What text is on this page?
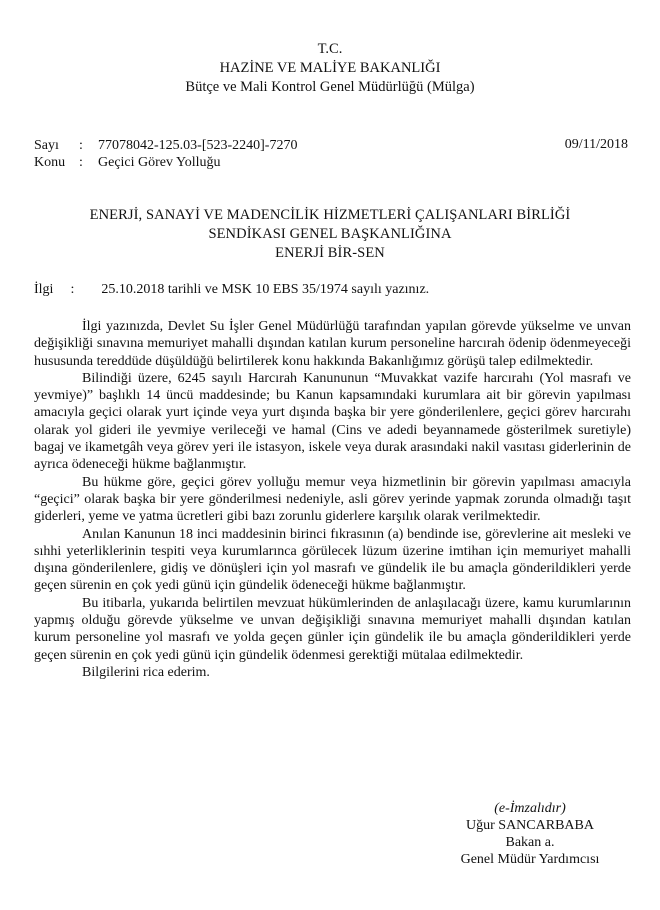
T.C.
HAZİNE VE MALİYE BAKANLIĞI
Bütçe ve Mali Kontrol Genel Müdürlüğü (Mülga)
Sayı : 77078042-125.03-[523-2240]-7270
Konu : Geçici Görev Yolluğu
09/11/2018
ENERJİ, SANAYİ VE MADENCİLİK HİZMETLERİ ÇALIŞANLARI BİRLİĞİ
SENDİKASI GENEL BAŞKANLIĞINA
ENERJİ BİR-SEN
İlgi : 25.10.2018 tarihli ve MSK 10 EBS 35/1974 sayılı yazınız.

İlgi yazınızda, Devlet Su İşler Genel Müdürlüğü tarafından yapılan görevde yükselme ve unvan değişikliği sınavına memuriyet mahalli dışından katılan kurum personeline harcırah ödenip ödenmeyeceği hususunda tereddüde düşüldüğü belirtilerek konu hakkında Bakanlığımız görüşü talep edilmektedir.

Bilindiği üzere, 6245 sayılı Harcırah Kanununun “Muvakkat vazife harcırahı (Yol masrafı ve yevmiye)” başlıklı 14 üncü maddesinde; bu Kanun kapsamındaki kurumlara ait bir görevin yapılması amacıyla geçici olarak yurt içinde veya yurt dışında başka bir yere gönderilenlere, geçici görev harcırahı olarak yol gideri ile yevmiye verileceği ve hamal (Cins ve adedi beyannamede gösterilmek suretiyle) bagaj ve ikametgâh veya görev yeri ile istasyon, iskele veya durak arasındaki nakil vasıtası giderlerinin de ayrıca ödeneceği hükme bağlanmıştır.

Bu hükme göre, geçici görev yolluğu memur veya hizmetlinin bir görevin yapılması amacıyla “geçici” olarak başka bir yere gönderilmesi nedeniyle, asli görev yerinde yapmak zorunda olmadığı taşıt giderleri, yeme ve yatma ücretleri gibi bazı zorunlu giderlere karşılık olarak verilmektedir.

Anılan Kanunun 18 inci maddesinin birinci fıkrasının (a) bendinde ise, görevlerine ait mesleki ve sıhhi yeterliklerinin tespiti veya kurumlarınca görülecek lüzum üzerine imtihan için memuriyet mahalli dışına gönderilenlere, gidiş ve dönüşleri için yol masrafı ve gündelik ile bu amaçla gönderildikleri yerde geçen sürenin en çok yedi günü için gündelik ödeneceği hükme bağlanmıştır.

Bu itibarla, yukarıda belirtilen mevzuat hükümlerinden de anlaşılacağı üzere, kamu kurumlarının yapmış olduğu görevde yükselme ve unvan değişikliği sınavına memuriyet mahalli dışından katılan kurum personeline yol masrafı ve yolda geçen günler için gündelik ile bu amaçla gönderildikleri yerde geçen sürenin en çok yedi günü için gündelik ödenmesi gerektiği mütalaa edilmektedir.

Bilgilerini rica ederim.

(e-İmzalıdır)
Uğur SANCARBABA
Bakan a.
Genel Müdür Yardımcısı
